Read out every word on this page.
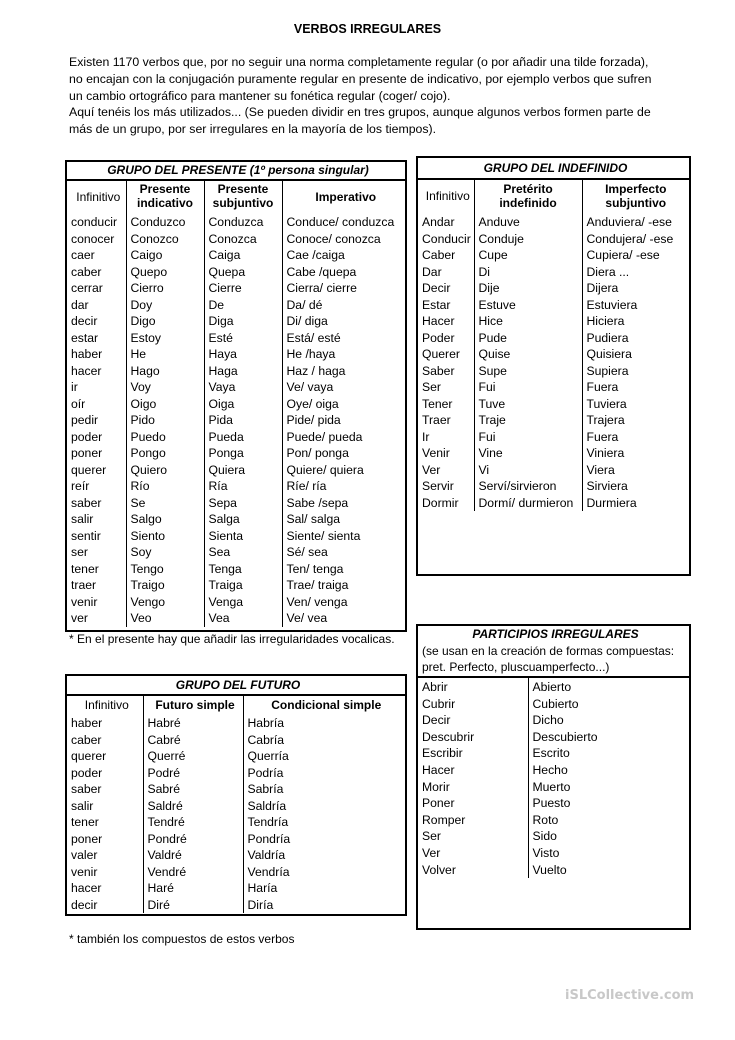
VERBOS IRREGULARES
Existen 1170 verbos que, por no seguir una norma completamente regular (o por añadir una tilde forzada),
no encajan con la conjugación puramente regular en presente de indicativo, por ejemplo verbos que sufren
un cambio ortográfico para mantener su fonética regular (coger/ cojo).
Aquí tenéis los más utilizados... (Se pueden dividir en tres grupos, aunque algunos verbos formen parte de
más de un grupo, por ser irregulares en la mayoría de los tiempos).
GRUPO DEL PRESENTE (1º persona singular)			
Infinitivo	Presente indicativo	Presente subjuntivo	Imperativo
conducir	Conduzco	Conduzca	Conduce/ conduzca
conocer	Conozco	Conozca	Conoce/ conozca
caer	Caigo	Caiga	Cae /caiga
caber	Quepo	Quepa	Cabe /quepa
cerrar	Cierro	Cierre	Cierra/ cierre
dar	Doy	De	Da/ dé
decir	Digo	Diga	Di/ diga
estar	Estoy	Esté	Está/ esté
haber	He	Haya	He /haya
hacer	Hago	Haga	Haz / haga
ir	Voy	Vaya	Ve/ vaya
oír	Oigo	Oiga	Oye/ oiga
pedir	Pido	Pida	Pide/ pida
poder	Puedo	Pueda	Puede/ pueda
poner	Pongo	Ponga	Pon/ ponga
querer	Quiero	Quiera	Quiere/ quiera
reír	Río	Ría	Ríe/ ría
saber	Se	Sepa	Sabe /sepa
salir	Salgo	Salga	Sal/ salga
sentir	Siento	Sienta	Siente/ sienta
ser	Soy	Sea	Sé/ sea
tener	Tengo	Tenga	Ten/ tenga
traer	Traigo	Traiga	Trae/ traiga
venir	Vengo	Venga	Ven/ venga
ver	Veo	Vea	Ve/ vea
* En el presente hay que añadir las irregularidades vocalicas.
GRUPO DEL INDEFINIDO		
Infinitivo	Pretérito indefinido	Imperfecto subjuntivo
Andar	Anduve	Anduviera/ -ese
Conducir	Conduje	Condujera/ -ese
Caber	Cupe	Cupiera/ -ese
Dar	Di	Diera ...
Decir	Dije	Dijera
Estar	Estuve	Estuviera
Hacer	Hice	Hiciera
Poder	Pude	Pudiera
Querer	Quise	Quisiera
Saber	Supe	Supiera
Ser	Fui	Fuera
Tener	Tuve	Tuviera
Traer	Traje	Trajera
Ir	Fui	Fuera
Venir	Vine	Viniera
Ver	Vi	Viera
Servir	Serví/sirvieron	Sirviera
Dormir	Dormí/ durmieron	Durmiera
GRUPO DEL FUTURO		
Infinitivo	Futuro simple	Condicional simple
haber	Habré	Habría
caber	Cabré	Cabría
querer	Querré	Querría
poder	Podré	Podría
saber	Sabré	Sabría
salir	Saldré	Saldría
tener	Tendré	Tendría
poner	Pondré	Pondría
valer	Valdré	Valdría
venir	Vendré	Vendría
hacer	Haré	Haría
decir	Diré	Diría
* también los compuestos de estos verbos
PARTICIPIOS IRREGULARES	
(se usan en la creación de formas compuestas:	
pret. Perfecto, pluscuamperfecto...)	
Abrir	Abierto
Cubrir	Cubierto
Decir	Dicho
Descubrir	Descubierto
Escribir	Escrito
Hacer	Hecho
Morir	Muerto
Poner	Puesto
Romper	Roto
Ser	Sido
Ver	Visto
Volver	Vuelto
iSLCollective.com
